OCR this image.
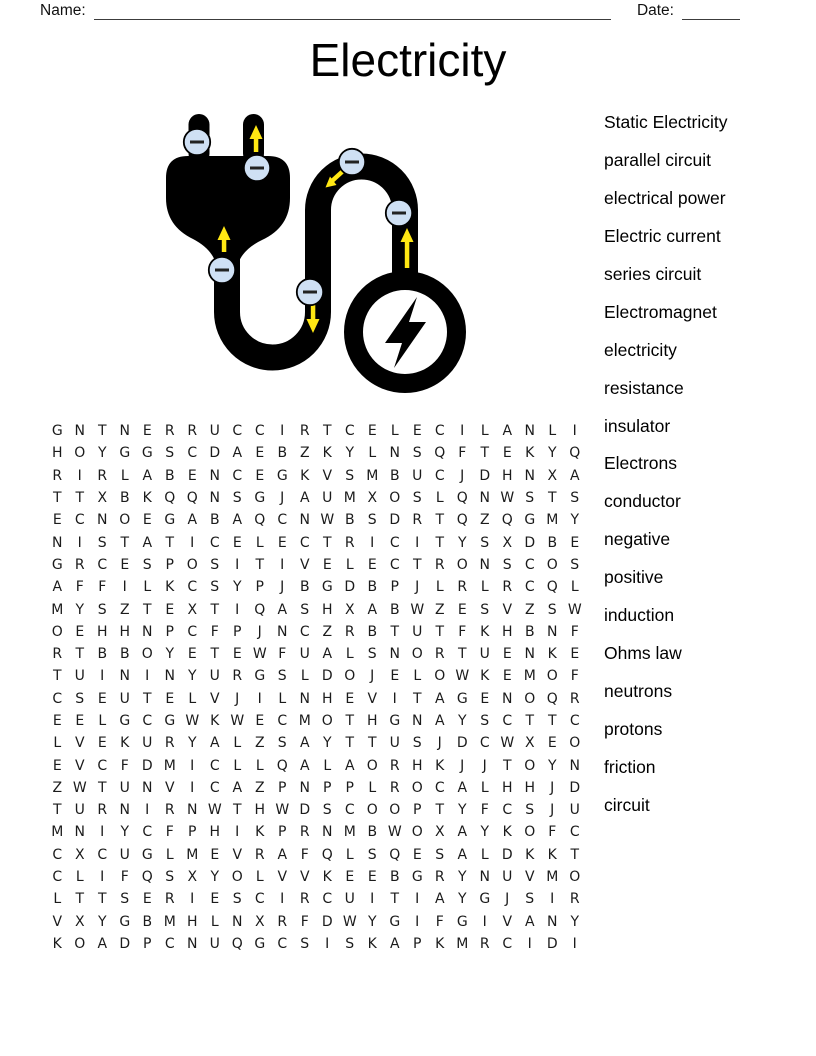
Name:	Date:
Electricity
G N T N E R R U C C	I	R T C E	L	E C	I	L A N L	I
H O Y G G S C D A E B Z K Y	L N S Q F	T E K Y Q
R	I	R L A B E N C E G K V S M B U C	J	D H N X A
T T X B K Q Q N S G	J	A U M X O S	L Q N W S T S
E C N O E G A B A Q C N W B S D R T Q Z Q G M Y
N	I	S T A T	I	C E	L	E C T R	I	C	I	T Y S X D B E
G R C E S P O S	I	T	I	V E	L	E C T R O N S C O S
A F	F	I	L	K C S Y P	J	B G D B P	J	L R L R C Q L
M Y S Z T E X T	I	Q A S H X A B W Z E S V Z S W
O E H H N P C F	P	J	N C Z R B T U T	F K H B N F
R T B B O Y E T E W F U A L	S N O R T U E N K E
T U	I	N	I	N Y U R G S	L D O	J	E	L O W K E M O F
C S E U T E	L V	J	I	L N H E V	I	T A G E N O Q R
E E	L G C G W K W E C M O T H G N A Y S C T T C
L V E K U R Y A L Z S A Y T T U S	J	D C W X E O
E V C F D M	I	C L	L Q A L A O R H K	J	J	T O Y N
Z W T U N V	I	C A Z P N P	P	L R O C A L H H	J	D
T U R N	I	R N W T H W D S C O O P	T Y	F C S	J	U
M N	I	Y C F	P H	I	K P R N M B W O X A Y K O F C
C X C U G L M E V R A F Q L	S Q E S A L D K K T
C L	I	F Q S X Y O L V V K E E B G R Y N U V M O
L	T T S E R	I	E S C	I	R C U	I	T	I	A Y G	J	S	I	R
V X Y G B M H L N X R F D W Y G	I	F G	I	V A N Y
K O A D P C N U Q G C S	I	S K A P K M R C	I	D	I
Static Electricity
parallel circuit
electrical power
Electric current
series circuit
Electromagnet
electricity
resistance
insulator
Electrons
conductor
negative
positive
induction
Ohms law
neutrons
protons
friction
circuit
